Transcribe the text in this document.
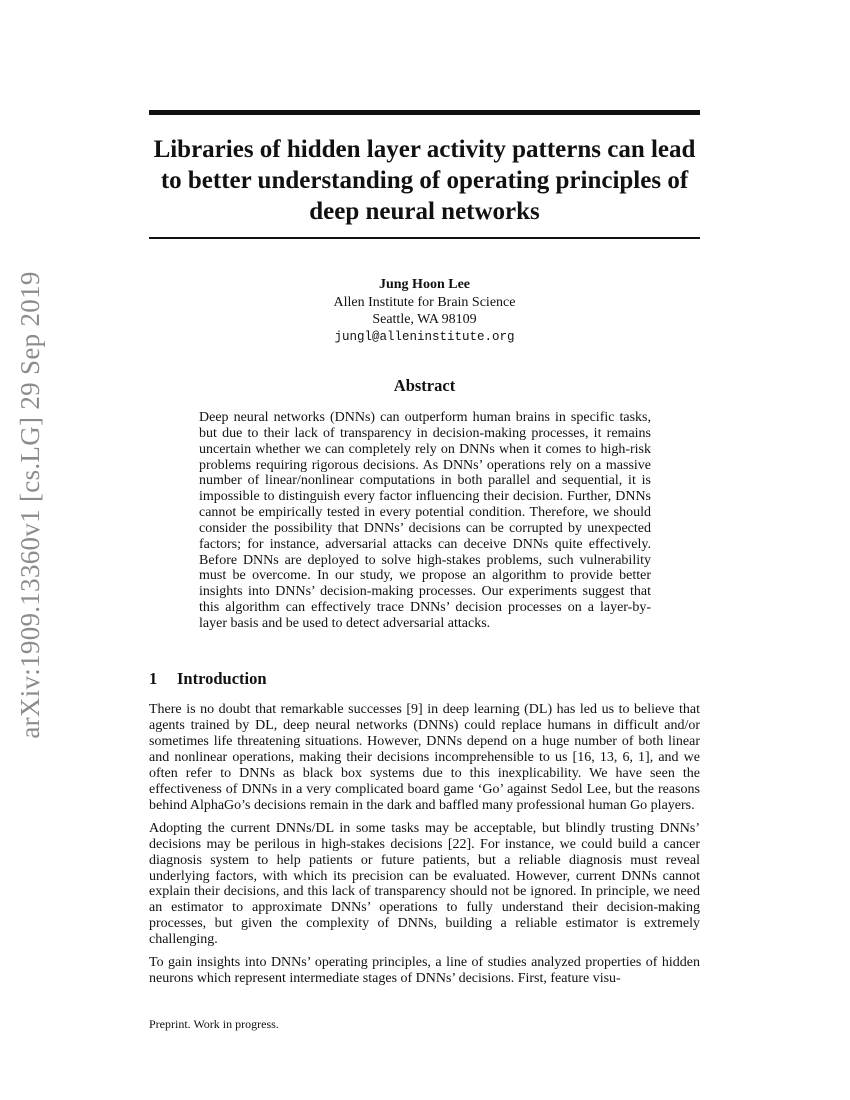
Libraries of hidden layer activity patterns can lead to better understanding of operating principles of deep neural networks
arXiv:1909.13360v1 [cs.LG] 29 Sep 2019	Jung Hoon Lee
Allen Institute for Brain Science
Seattle, WA 98109
jungl@alleninstitute.org
Abstract
Deep neural networks (DNNs) can outperform human brains in specific tasks, but due to their lack of transparency in decision-making processes, it remains uncertain whether we can completely rely on DNNs when it comes to high-risk problems requiring rigorous decisions. As DNNs’ operations rely on a massive number of linear/nonlinear computations in both parallel and sequential, it is impossible to distinguish every factor influencing their decision. Further, DNNs cannot be empirically tested in every potential condition. Therefore, we should consider the possibility that DNNs’ decisions can be corrupted by unexpected factors; for instance, adversarial attacks can deceive DNNs quite effectively. Before DNNs are deployed to solve high-stakes problems, such vulnerability must be overcome. In our study, we propose an algorithm to provide better insights into DNNs’ decision-making processes. Our experiments suggest that this algorithm can effectively trace DNNs’ decision processes on a layer-by-layer basis and be used to detect adversarial attacks.
1 Introduction

There is no doubt that remarkable successes [9] in deep learning (DL) has led us to believe that agents trained by DL, deep neural networks (DNNs) could replace humans in difficult and/or sometimes life threatening situations. However, DNNs depend on a huge number of both linear and nonlinear operations, making their decisions incomprehensible to us [16, 13, 6, 1], and we often refer to DNNs as black box systems due to this inexplicability. We have seen the effectiveness of DNNs in a very complicated board game ‘Go’ against Sedol Lee, but the reasons behind AlphaGo’s decisions remain in the dark and baffled many professional human Go players.

Adopting the current DNNs/DL in some tasks may be acceptable, but blindly trusting DNNs’ decisions may be perilous in high-stakes decisions [22]. For instance, we could build a cancer diagnosis system to help patients or future patients, but a reliable diagnosis must reveal underlying factors, with which its precision can be evaluated. However, current DNNs cannot explain their decisions, and this lack of transparency should not be ignored. In principle, we need an estimator to approximate DNNs’ operations to fully understand their decision-making processes, but given the complexity of DNNs, building a reliable estimator is extremely challenging.

To gain insights into DNNs’ operating principles, a line of studies analyzed properties of hidden neurons which represent intermediate stages of DNNs’ decisions. First, feature visu-

Preprint. Work in progress.
